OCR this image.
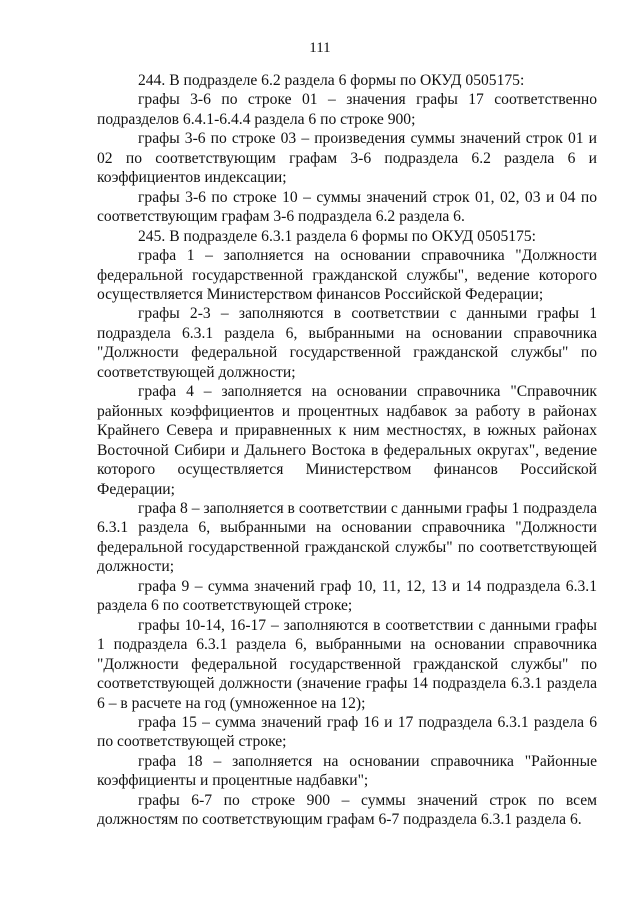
111

244. В подразделе 6.2 раздела 6 формы по ОКУД 0505175:

графы 3-6 по строке 01 – значения графы 17 соответственно подразделов 6.4.1-6.4.4 раздела 6 по строке 900;

графы 3-6 по строке 03 – произведения суммы значений строк 01 и 02 по соответствующим графам 3-6 подраздела 6.2 раздела 6 и коэффициентов индексации;

графы 3-6 по строке 10 – суммы значений строк 01, 02, 03 и 04 по соответствующим графам 3-6 подраздела 6.2 раздела 6.

245. В подразделе 6.3.1 раздела 6 формы по ОКУД 0505175:

графа 1 – заполняется на основании справочника "Должности федеральной государственной гражданской службы", ведение которого осуществляется Министерством финансов Российской Федерации;

графы 2-3 – заполняются в соответствии с данными графы 1 подраздела 6.3.1 раздела 6, выбранными на основании справочника "Должности федеральной государственной гражданской службы" по соответствующей должности;

графа 4 – заполняется на основании справочника "Справочник районных коэффициентов и процентных надбавок за работу в районах Крайнего Севера и приравненных к ним местностях, в южных районах Восточной Сибири и Дальнего Востока в федеральных округах", ведение которого осуществляется Министерством финансов Российской Федерации;

графа 8 – заполняется в соответствии с данными графы 1 подраздела 6.3.1 раздела 6, выбранными на основании справочника "Должности федеральной государственной гражданской службы" по соответствующей должности;

графа 9 – сумма значений граф 10, 11, 12, 13 и 14 подраздела 6.3.1 раздела 6 по соответствующей строке;

графы 10-14, 16-17 – заполняются в соответствии с данными графы 1 подраздела 6.3.1 раздела 6, выбранными на основании справочника "Должности федеральной государственной гражданской службы" по соответствующей должности (значение графы 14 подраздела 6.3.1 раздела 6 – в расчете на год (умноженное на 12);

графа 15 – сумма значений граф 16 и 17 подраздела 6.3.1 раздела 6 по соответствующей строке;

графа 18 – заполняется на основании справочника "Районные коэффициенты и процентные надбавки";

графы 6-7 по строке 900 – суммы значений строк по всем должностям по соответствующим графам 6-7 подраздела 6.3.1 раздела 6.
